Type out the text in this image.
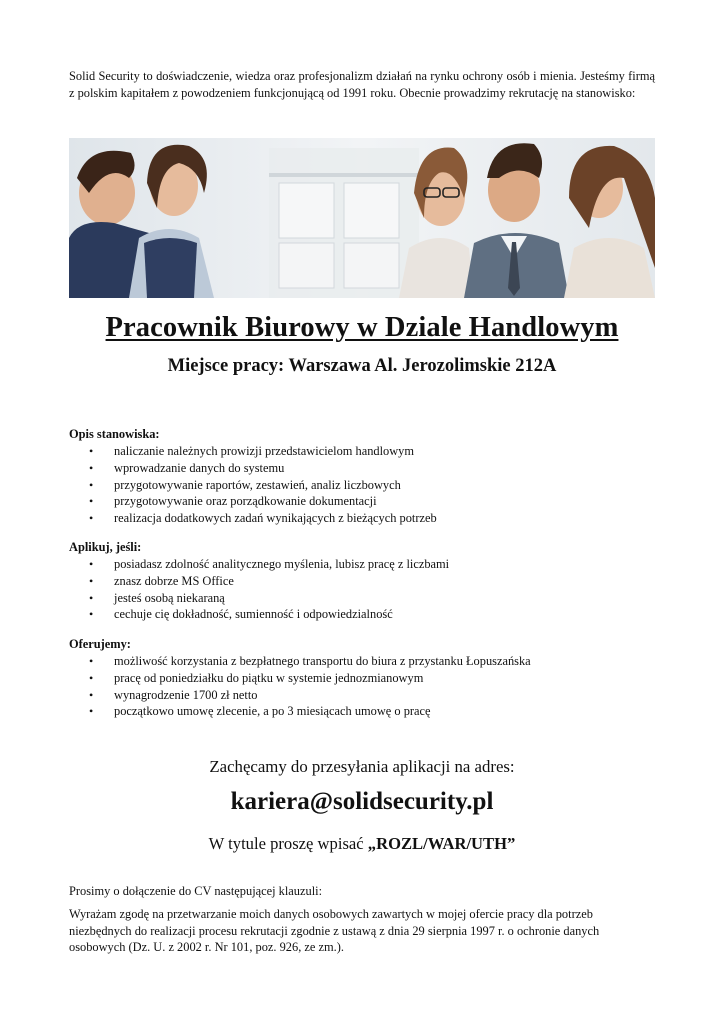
Solid Security to doświadczenie, wiedza oraz profesjonalizm działań na rynku ochrony osób i mienia. Jesteśmy firmą z polskim kapitałem z powodzeniem funkcjonującą od 1991 roku. Obecnie prowadzimy rekrutację na stanowisko:

Pracownik Biurowy w Dziale Handlowym
Miejsce pracy: Warszawa Al. Jerozolimskie 212A
Opis stanowiska:
• naliczanie należnych prowizji przedstawicielom handlowym
• wprowadzanie danych do systemu
• przygotowywanie raportów, zestawień, analiz liczbowych
• przygotowywanie oraz porządkowanie dokumentacji
• realizacja dodatkowych zadań wynikających z bieżących potrzeb
Aplikuj, jeśli:
• posiadasz zdolność analitycznego myślenia, lubisz pracę z liczbami
• znasz dobrze MS Office
• jesteś osobą niekaraną
• cechuje cię dokładność, sumienność i odpowiedzialność
Oferujemy:
• możliwość korzystania z bezpłatnego transportu do biura z przystanku Łopuszańska
• pracę od poniedziałku do piątku w systemie jednozmianowym
• wynagrodzenie 1700 zł netto
• początkowo umowę zlecenie, a po 3 miesiącach umowę o pracę
Zachęcamy do przesyłania aplikacji na adres:
kariera@solidsecurity.pl
W tytule proszę wpisać „ROZL/WAR/UTH”
Prosimy o dołączenie do CV następującej klauzuli:
Wyrażam zgodę na przetwarzanie moich danych osobowych zawartych w mojej ofercie pracy dla potrzeb niezbędnych do realizacji procesu rekrutacji zgodnie z ustawą z dnia 29 sierpnia 1997 r. o ochronie danych osobowych (Dz. U. z 2002 r. Nr 101, poz. 926, ze zm.).
